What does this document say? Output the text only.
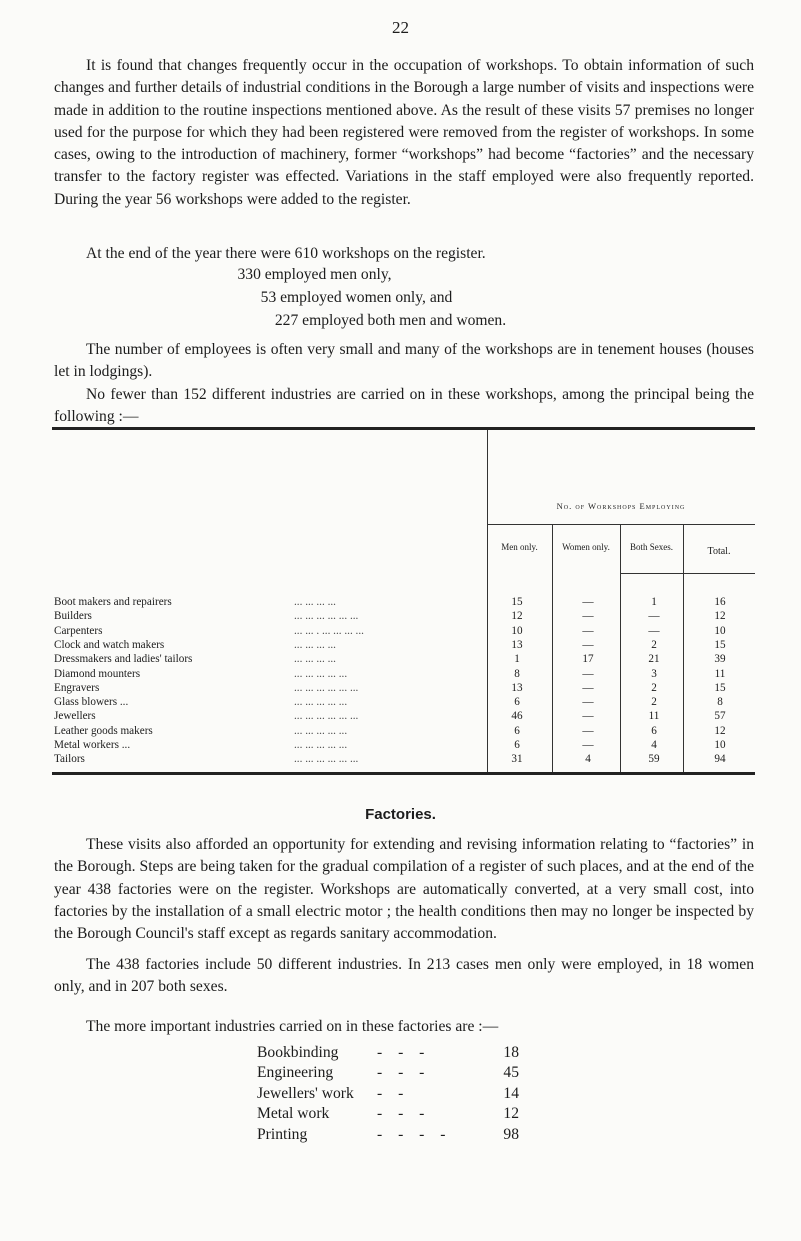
22

It is found that changes frequently occur in the occupation of workshops. To obtain information of such changes and further details of industrial conditions in the Borough a large number of visits and inspections were made in addition to the routine inspections mentioned above. As the result of these visits 57 premises no longer used for the purpose for which they had been registered were removed from the register of workshops. In some cases, owing to the introduction of machinery, former “workshops” had become “factories” and the necessary transfer to the factory register was effected. Variations in the staff employed were also frequently reported. During the year 56 workshops were added to the register.

At the end of the year there were 610 workshops on the register.

330 employed men only,
53 employed women only, and
227 employed both men and women.

The number of employees is often very small and many of the workshops are in tenement houses (houses let in lodgings).

No fewer than 152 different industries are carried on in these workshops, among the principal being the following :—

No. of Workshops Employing
Men only.	Women only.	Both Sexes.	Total.
Boot makers and repairers	15	—	1	16
... ... ... ...
Builders	12	—	—	12
... ... ... ... ... ...
Carpenters	10	—	—	10
... ... . ... ... ... ...
Clock and watch makers	13	—	2	15
... ... ... ...
Dressmakers and ladies' tailors	1	17	21	39
... ... ... ...
Diamond mounters	8	—	3	11
... ... ... ... ...
Engravers	13	—	2	15
... ... ... ... ... ...
Glass blowers ...	6	—	2	8
... ... ... ... ...
Jewellers	46	—	11	57
... ... ... ... ... ...
Leather goods makers	6	—	6	12
... ... ... ... ...
Metal workers ...	6	—	4	10
... ... ... ... ...
Tailors	31	4	59	94
... ... ... ... ... ...
Factories.

These visits also afforded an opportunity for extending and revising information relating to “factories” in the Borough. Steps are being taken for the gradual compilation of a register of such places, and at the end of the year 438 factories were on the register. Workshops are automatically converted, at a very small cost, into factories by the installation of a small electric motor ; the health conditions then may no longer be inspected by the Borough Council's staff except as regards sanitary accommodation.

The 438 factories include 50 different industries. In 213 cases men only were employed, in 18 women only, and in 207 both sexes.

The more important industries carried on in these factories are :—

Bookbinding - - -	18
Engineering	- - -	45
Jewellers' work - -	14
Metal work	- - -	12
Printing	- - - -	98
